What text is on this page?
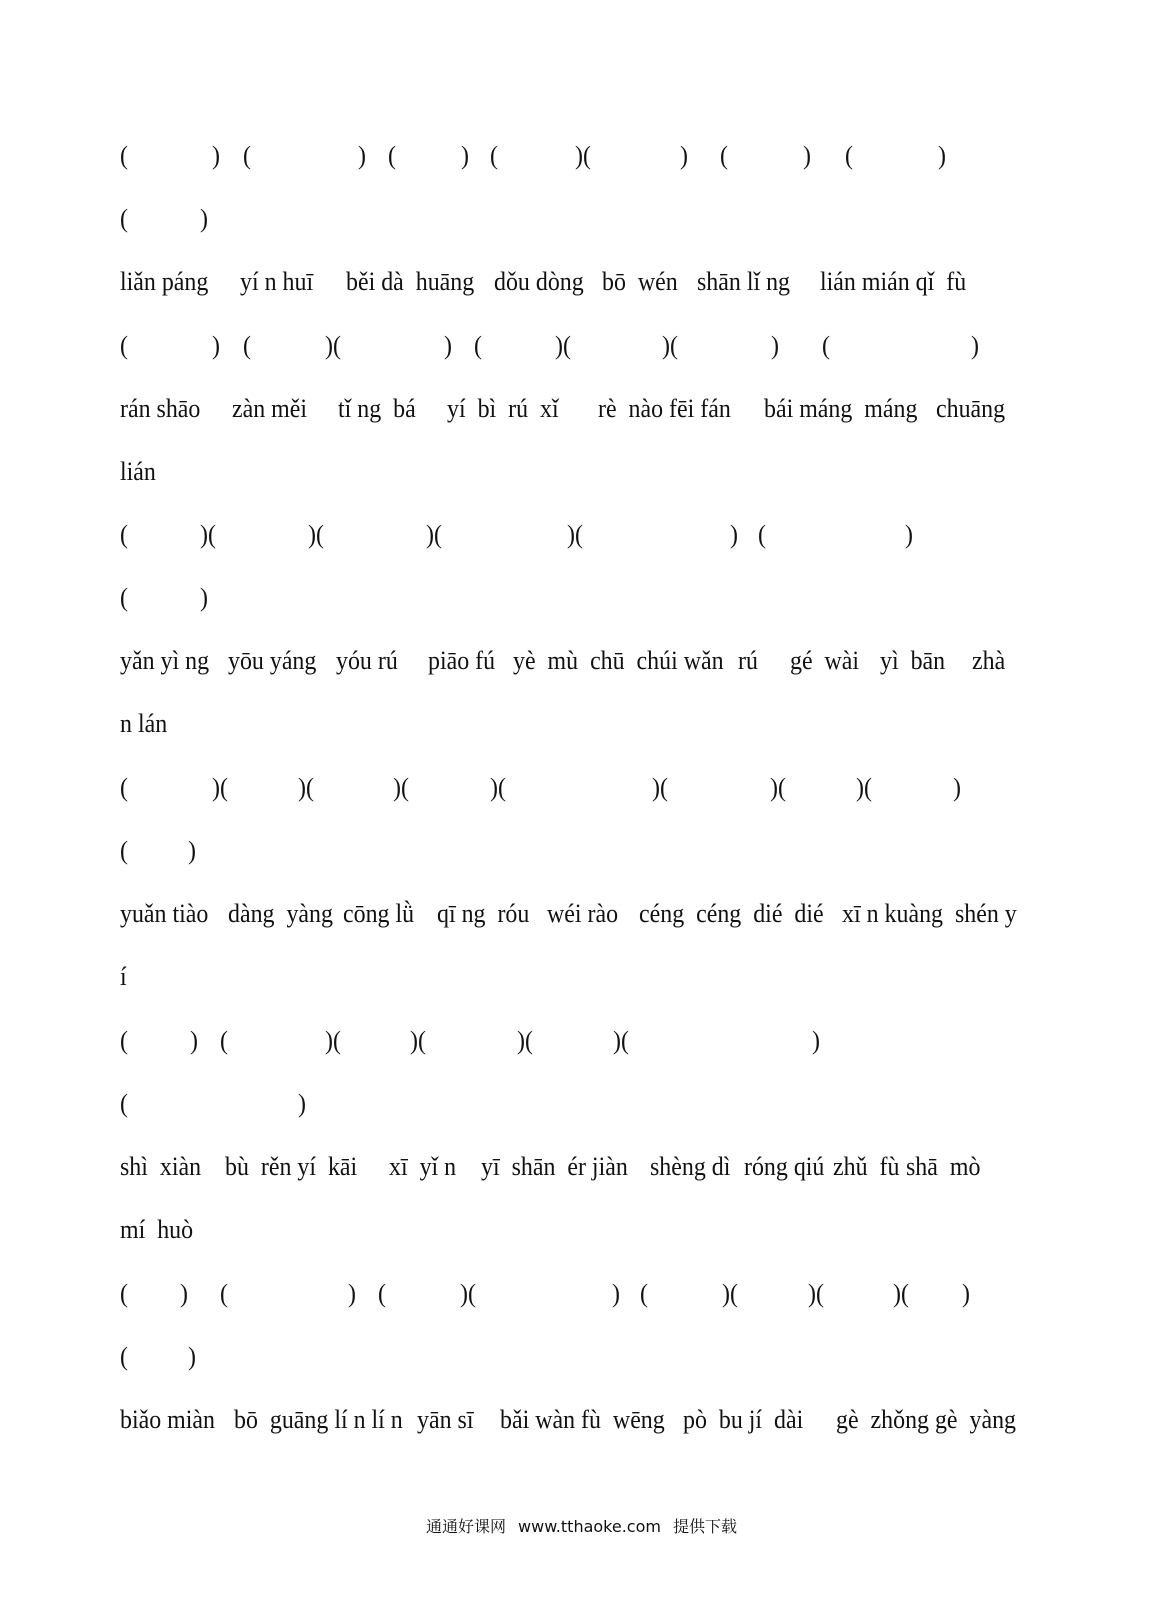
(	) (	) (	) (	)(	) (	) (	)
(	)
liǎn páng yí n huī běi dà  huāng dǒu dòng bō  wén shān lǐ ng lián mián qǐ  fù
(	) (	)(	) (	)(	)(	) (	)
rán shāo zàn měi tǐ ng  bá yí  bì  rú  xǐ rè  nào fēi fán bái máng  máng chuāng
lián
(	)(	)(	)(	)(	) (	)
(	)
yǎn yì ng yōu yáng yóu rú piāo fú yè  mù  chū  chúi wǎn rú gé  wài yì  bān zhà
n lán
(	)(	)(	)(	)(	)(	)(	)(	)
( )
yuǎn tiào dàng  yàng cōng lǜ qī ng  róu wéi rào céng  céng  dié  dié xī n kuàng  shén y
í
( ) (	)(	)(	)(	)(	)
(	)
shì  xiàn bù  rěn yí  kāi xī  yǐ n yī  shān  ér jiàn shèng dì róng qiú zhǔ  fù shā  mò
mí  huò
( ) (	) (	)(	) (	)(	)(	)( )
( )
biǎo miàn bō  guāng lí n lí n yān sī bǎi wàn fù  wēng pò  bu jí  dài gè  zhǒng gè  yàng
通通好课网 www.tthaoke.com 提供下载
